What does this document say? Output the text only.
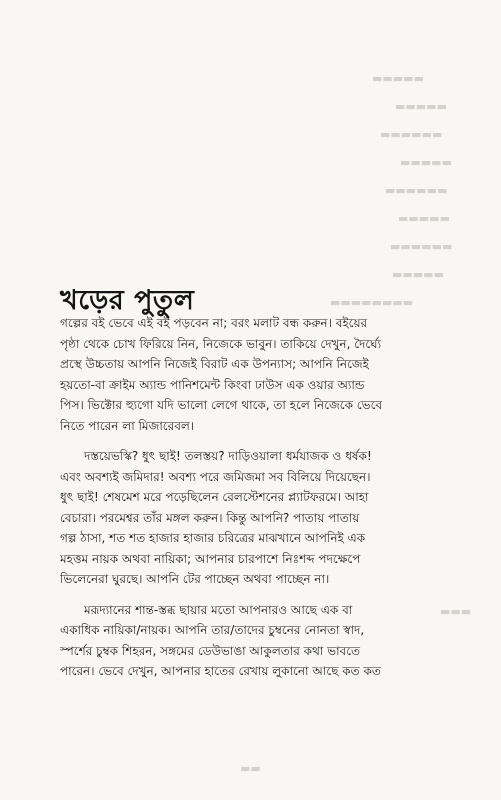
▬▬▬▬▬
▬▬▬▬▬
▬▬▬▬▬▬
▬▬▬▬▬
▬▬▬▬▬▬
▬▬▬▬▬
▬▬▬▬▬▬
▬▬▬▬▬
▬▬▬▬▬▬▬▬
▬▬▬
▬▬
খড়ের পুতুল

গল্পের বই ভেবে এই বই পড়বেন না; বরং মলাট বন্ধ করুন। বইয়ের
পৃষ্ঠা থেকে চোখ ফিরিয়ে নিন, নিজেকে ভাবুন। তাকিয়ে দেখুন, দৈর্ঘ্যে
প্রস্থে উচ্চতায় আপনি নিজেই বিরাট এক উপন্যাস; আপনি নিজেই
হয়তো-বা ক্রাইম অ্যান্ড পানিশমেন্ট কিংবা ঢাউস এক ওয়ার অ্যান্ড
পিস। ভিক্টোর হ্যুগো যদি ভালো লেগে থাকে, তা হলে নিজেকে ভেবে
নিতে পারেন লা মিজারেবল।

দস্তয়েভস্কি? ধুৎ ছাই! তলস্তয়? দাড়িওয়ালা ধর্মযাজক ও ধর্ষক!
এবং অবশ্যই জমিদার! অবশ্য পরে জমিজমা সব বিলিয়ে দিয়েছেন।
ধুৎ ছাই! শেষমেশ মরে পড়েছিলেন রেলস্টেশনের প্ল্যাটফরমে। আহা
বেচারা। পরমেশ্বর তাঁর মঙ্গল করুন। কিন্তু আপনি? পাতায় পাতায়
গল্প ঠাসা, শত শত হাজার হাজার চরিত্রের মাঝখানে আপনিই এক
মহত্তম নায়ক অথবা নায়িকা; আপনার চারপাশে নিঃশব্দ পদক্ষেপে
ভিলেনেরা ঘুরছে। আপনি টের পাচ্ছেন অথবা পাচ্ছেন না।

মরূদ্যানের শান্ত-স্তব্ধ ছায়ার মতো আপনারও আছে এক বা
একাধিক নায়িকা/নায়ক। আপনি তার/তাদের চুম্বনের নোনতা স্বাদ,
স্পর্শের চুম্বক শিহরন, সঙ্গমের ডেউভাঙা আকুলতার কথা ভাবতে
পারেন। ভেবে দেখুন, আপনার হাতের রেখায় লুকানো আছে কত কত
